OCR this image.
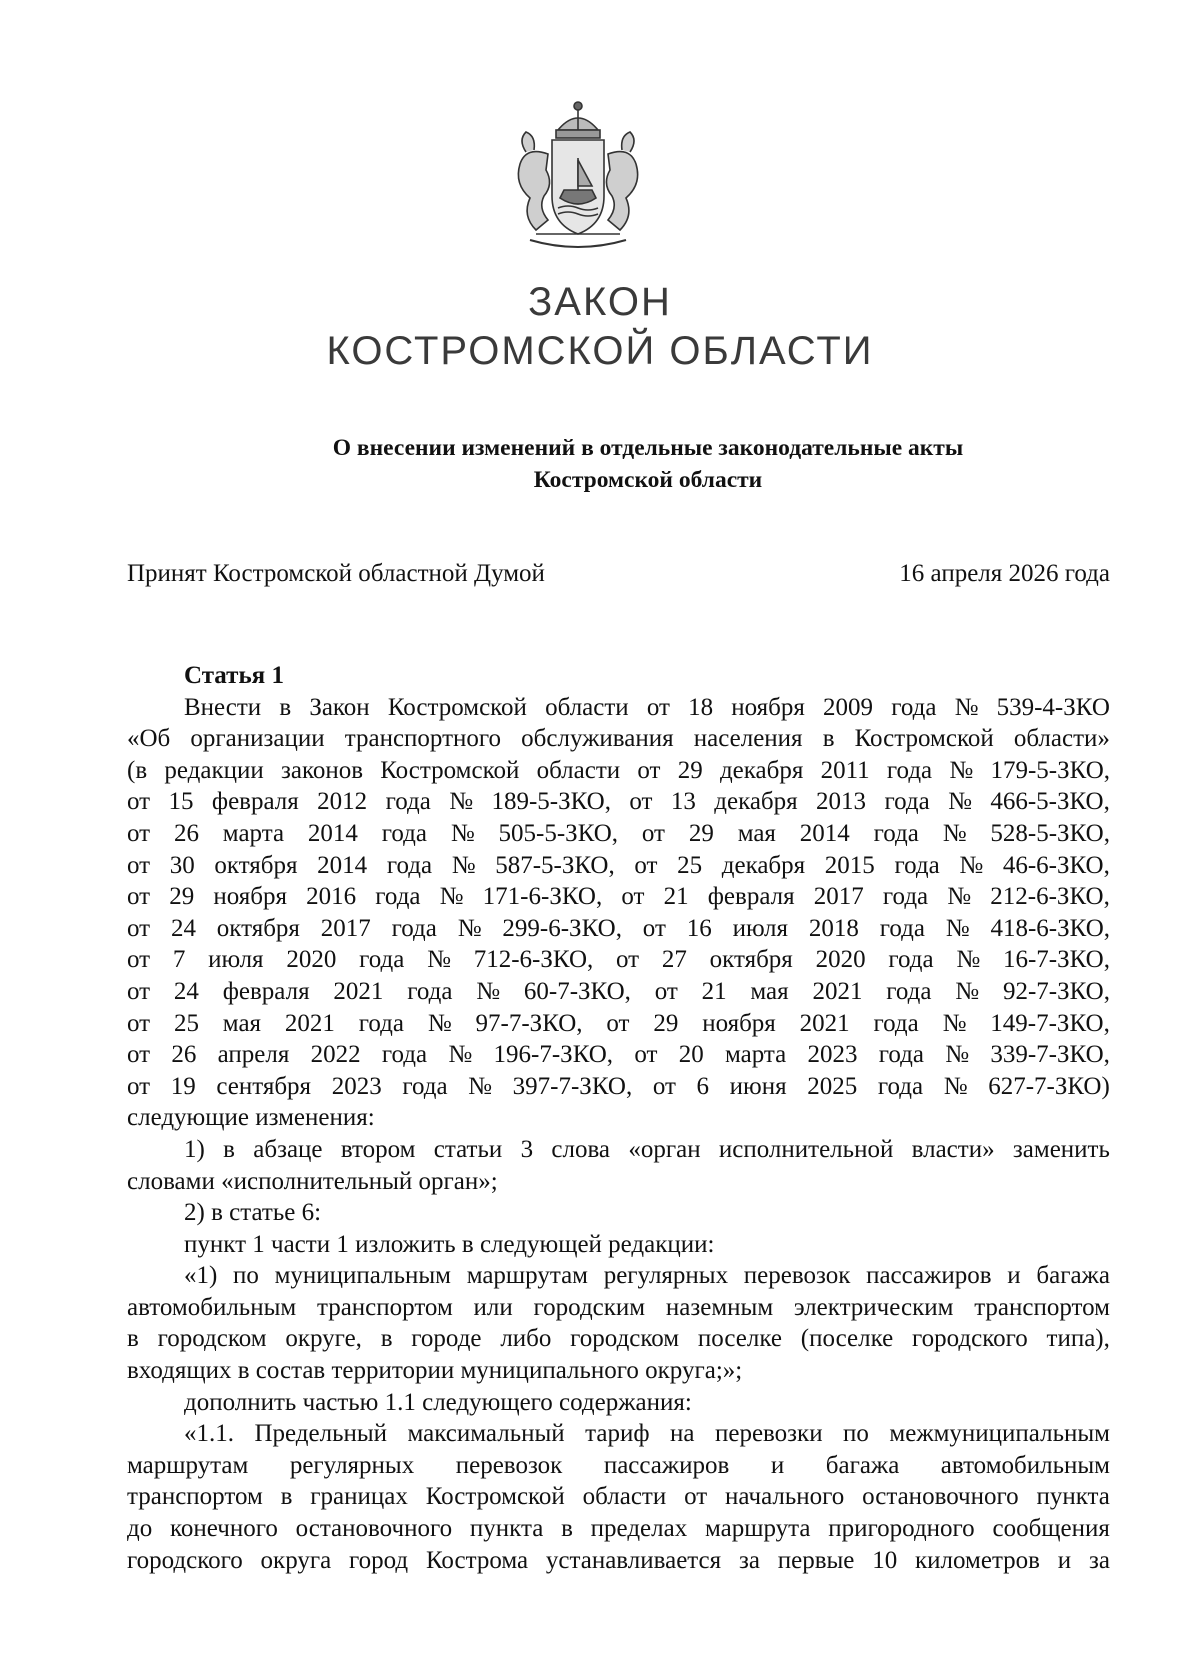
ЗАКОН
КОСТРОМСКОЙ ОБЛАСТИ
О внесении изменений в отдельные законодательные акты
Костромской области
Принят Костромской областной Думой	16 апреля 2026 года
Статья 1
Внести в Закон Костромской области от 18 ноября 2009 года № 539-4-ЗКО
«Об организации транспортного обслуживания населения в Костромской области»
(в редакции законов Костромской области от 29 декабря 2011 года № 179-5-ЗКО,
от 15 февраля 2012 года № 189-5-ЗКО, от 13 декабря 2013 года № 466-5-ЗКО,
от 26 марта 2014 года № 505-5-ЗКО, от 29 мая 2014 года № 528-5-ЗКО,
от 30 октября 2014 года № 587-5-ЗКО, от 25 декабря 2015 года № 46-6-ЗКО,
от 29 ноября 2016 года № 171-6-ЗКО, от 21 февраля 2017 года № 212-6-ЗКО,
от 24 октября 2017 года № 299-6-ЗКО, от 16 июля 2018 года № 418-6-ЗКО,
от 7 июля 2020 года № 712-6-ЗКО, от 27 октября 2020 года № 16-7-ЗКО,
от 24 февраля 2021 года № 60-7-ЗКО, от 21 мая 2021 года № 92-7-ЗКО,
от 25 мая 2021 года № 97-7-ЗКО, от 29 ноября 2021 года № 149-7-ЗКО,
от 26 апреля 2022 года № 196-7-ЗКО, от 20 марта 2023 года № 339-7-ЗКО,
от 19 сентября 2023 года № 397-7-ЗКО, от 6 июня 2025 года № 627-7-ЗКО)
следующие изменения:
1) в абзаце втором статьи 3 слова «орган исполнительной власти» заменить
словами «исполнительный орган»;
2) в статье 6:
пункт 1 части 1 изложить в следующей редакции:
«1) по муниципальным маршрутам регулярных перевозок пассажиров и багажа
автомобильным транспортом или городским наземным электрическим транспортом
в городском округе, в городе либо городском поселке (поселке городского типа),
входящих в состав территории муниципального округа;»;
дополнить частью 1.1 следующего содержания:
«1.1. Предельный максимальный тариф на перевозки по межмуниципальным
маршрутам регулярных перевозок пассажиров и багажа автомобильным
транспортом в границах Костромской области от начального остановочного пункта
до конечного остановочного пункта в пределах маршрута пригородного сообщения
городского округа город Кострома устанавливается за первые 10 километров и за
